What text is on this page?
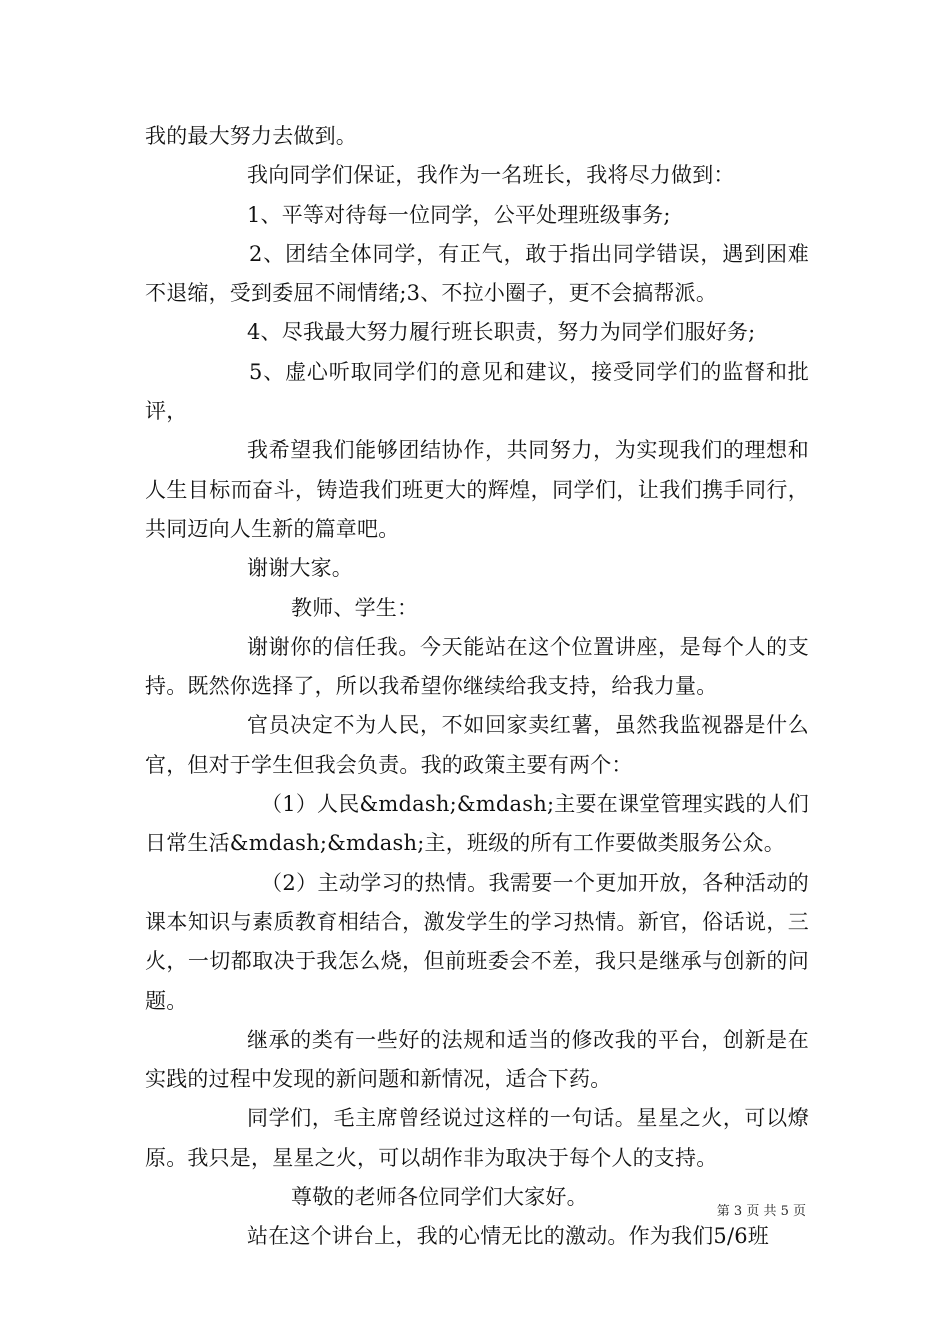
我的最大努力去做到。

我向同学们保证，我作为一名班长，我将尽力做到：

1、平等对待每一位同学，公平处理班级事务;

2、团结全体同学，有正气，敢于指出同学错误，遇到困难不退缩，受到委屈不闹情绪;3、不拉小圈子，更不会搞帮派。

4、尽我最大努力履行班长职责，努力为同学们服好务;

5、虚心听取同学们的意见和建议，接受同学们的监督和批评，

我希望我们能够团结协作，共同努力，为实现我们的理想和人生目标而奋斗，铸造我们班更大的辉煌，同学们，让我们携手同行，共同迈向人生新的篇章吧。

谢谢大家。

教师、学生：

谢谢你的信任我。今天能站在这个位置讲座，是每个人的支持。既然你选择了，所以我希望你继续给我支持，给我力量。

官员决定不为人民，不如回家卖红薯，虽然我监视器是什么官，但对于学生但我会负责。我的政策主要有两个：

（1）人民&mdash;&mdash;主要在课堂管理实践的人们日常生活&mdash;&mdash;主，班级的所有工作要做类服务公众。

（2）主动学习的热情。我需要一个更加开放，各种活动的课本知识与素质教育相结合，激发学生的学习热情。新官，俗话说，三火，一切都取决于我怎么烧，但前班委会不差，我只是继承与创新的问题。

继承的类有一些好的法规和适当的修改我的平台，创新是在实践的过程中发现的新问题和新情况，适合下药。

同学们，毛主席曾经说过这样的一句话。星星之火，可以燎原。我只是，星星之火，可以胡作非为取决于每个人的支持。

尊敬的老师各位同学们大家好。

站在这个讲台上，我的心情无比的激动。作为我们5/6班

第 3 页 共 5 页
